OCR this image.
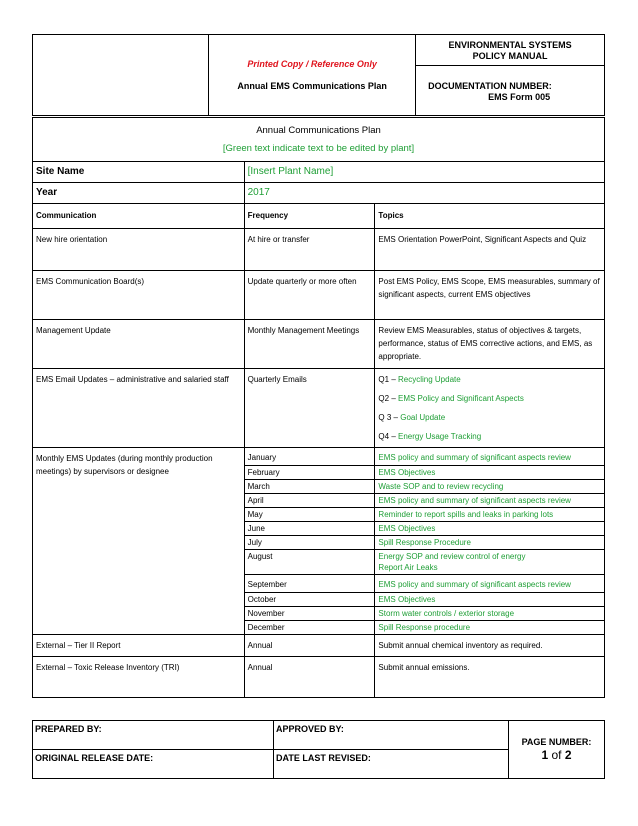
Printed Copy / Reference Only
Annual EMS Communications Plan

ENVIRONMENTAL SYSTEMS
POLICY MANUAL
DOCUMENTATION NUMBER:
EMS Form 005
Annual Communications Plan
[Green text indicate text to be edited by plant]		

Site Name	[Insert Plant Name]	
Year	2017	
Communication	Frequency	Topics
New hire orientation	At hire or transfer	EMS Orientation PowerPoint, Significant Aspects and Quiz
EMS Communication Board(s)	Update quarterly or more often	Post EMS Policy, EMS Scope, EMS measurables, summary of significant aspects, current EMS objectives
Management Update	Monthly Management Meetings	Review EMS Measurables, status of objectives & targets, performance, status of EMS corrective actions, and EMS, as appropriate.
EMS Email Updates – administrative and salaried staff	Quarterly Emails	Q1 – Recycling Update
Q2 – EMS Policy and Significant Aspects
Q 3 – Goal Update
Q4 – Energy Usage Tracking

Monthly EMS Updates (during monthly production meetings) by supervisors or designee	January	EMS policy and summary of significant aspects review
	February	EMS Objectives
	March	Waste SOP and to review recycling
	April	EMS policy and summary of significant aspects review
	May	Reminder to report spills and leaks in parking lots
	June	EMS Objectives
	July	Spill Response Procedure
	August	Energy SOP and review control of energy
Report Air Leaks

	September	EMS policy and summary of significant aspects review
	October	EMS Objectives
	November	Storm water controls / exterior storage
	December	Spill Response procedure
External – Tier II Report	Annual	Submit annual chemical inventory as required.
External – Toxic Release Inventory (TRI)	Annual	Submit annual emissions.
PREPARED BY:	APPROVED BY:	PAGE NUMBER:
1 of 2

ORIGINAL RELEASE DATE:	DATE LAST REVISED:	
